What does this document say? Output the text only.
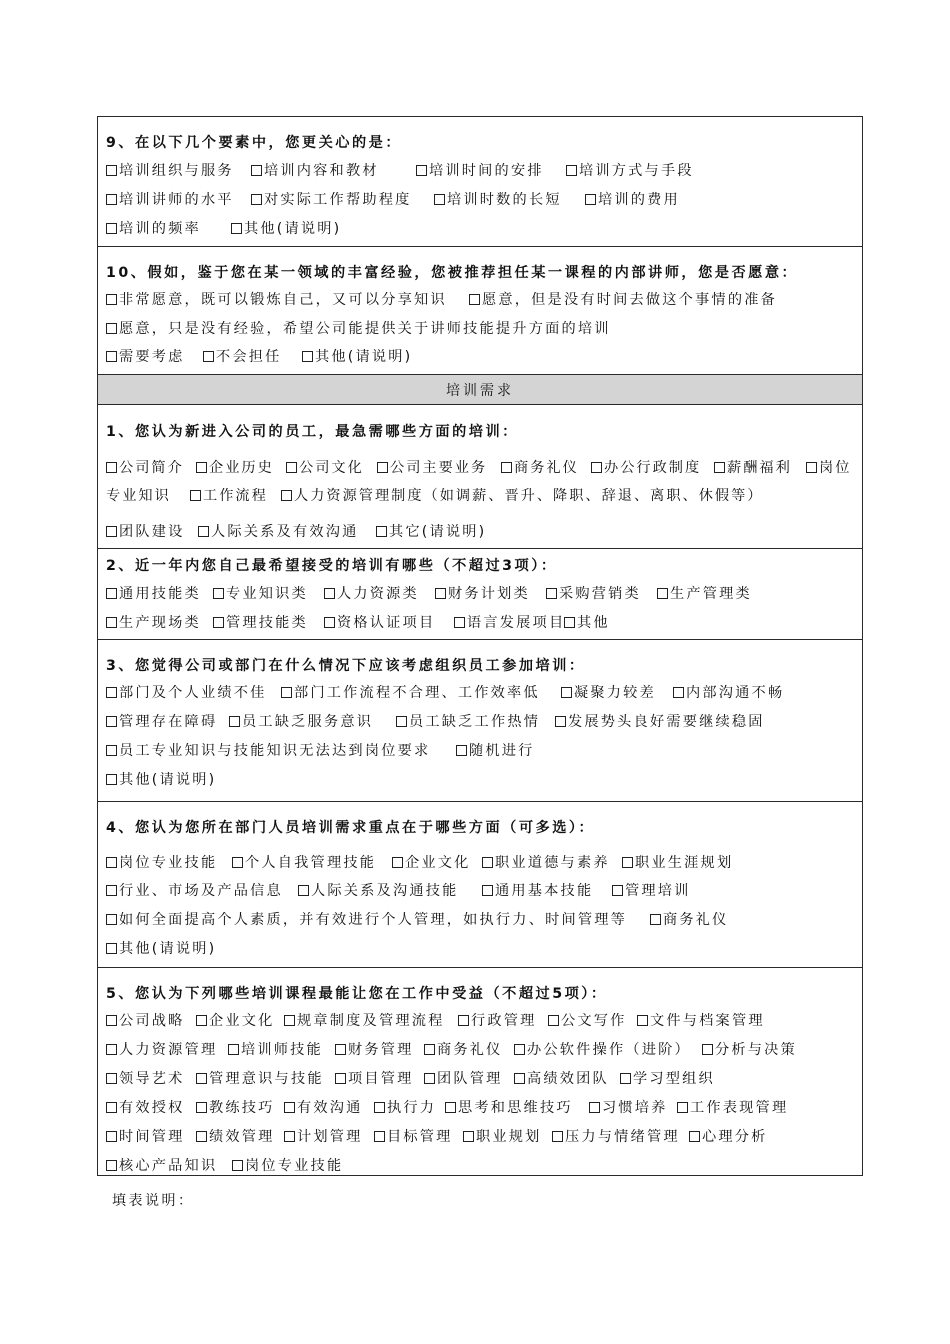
9、在以下几个要素中，您更关心的是：
培训组织与服务	培训内容和教材	培训时间的安排	培训方式与手段
培训讲师的水平	对实际工作帮助程度	培训时数的长短	培训的费用
培训的频率	其他(请说明)
10、假如，鉴于您在某一领域的丰富经验，您被推荐担任某一课程的内部讲师，您是否愿意：
非常愿意，既可以锻炼自己，又可以分享知识	愿意，但是没有时间去做这个事情的准备
愿意，只是没有经验，希望公司能提供关于讲师技能提升方面的培训
需要考虑	不会担任	其他(请说明)
培训需求
1、您认为新进入公司的员工，最急需哪些方面的培训：
公司简介	企业历史	公司文化	公司主要业务	商务礼仪	办公行政制度	薪酬福利	岗位
专业知识	工作流程	人力资源管理制度（如调薪、晋升、降职、辞退、离职、休假等）
团队建设	人际关系及有效沟通	其它(请说明)
2、近一年内您自己最希望接受的培训有哪些（不超过3项）：
通用技能类	专业知识类	人力资源类	财务计划类	采购营销类	生产管理类
生产现场类	管理技能类	资格认证项目	语言发展项目 其他
3、您觉得公司或部门在什么情况下应该考虑组织员工参加培训：
部门及个人业绩不佳	部门工作流程不合理、工作效率低	凝聚力较差	内部沟通不畅
管理存在障碍	员工缺乏服务意识	员工缺乏工作热情	发展势头良好需要继续稳固
员工专业知识与技能知识无法达到岗位要求	随机进行
其他(请说明)
4、您认为您所在部门人员培训需求重点在于哪些方面（可多选）：
岗位专业技能	个人自我管理技能	企业文化	职业道德与素养	职业生涯规划
行业、市场及产品信息	人际关系及沟通技能	通用基本技能	管理培训
如何全面提高个人素质，并有效进行个人管理，如执行力、时间管理等	商务礼仪
其他(请说明)
5、您认为下列哪些培训课程最能让您在工作中受益（不超过5项）：
公司战略	企业文化	规章制度及管理流程	行政管理	公文写作	文件与档案管理
人力资源管理	培训师技能	财务管理	商务礼仪	办公软件操作（进阶）	分析与决策
领导艺术	管理意识与技能	项目管理	团队管理	高绩效团队	学习型组织
有效授权	教练技巧	有效沟通	执行力	思考和思维技巧	习惯培养	工作表现管理
时间管理	绩效管理	计划管理	目标管理	职业规划	压力与情绪管理	心理分析
核心产品知识	岗位专业技能
填表说明：
